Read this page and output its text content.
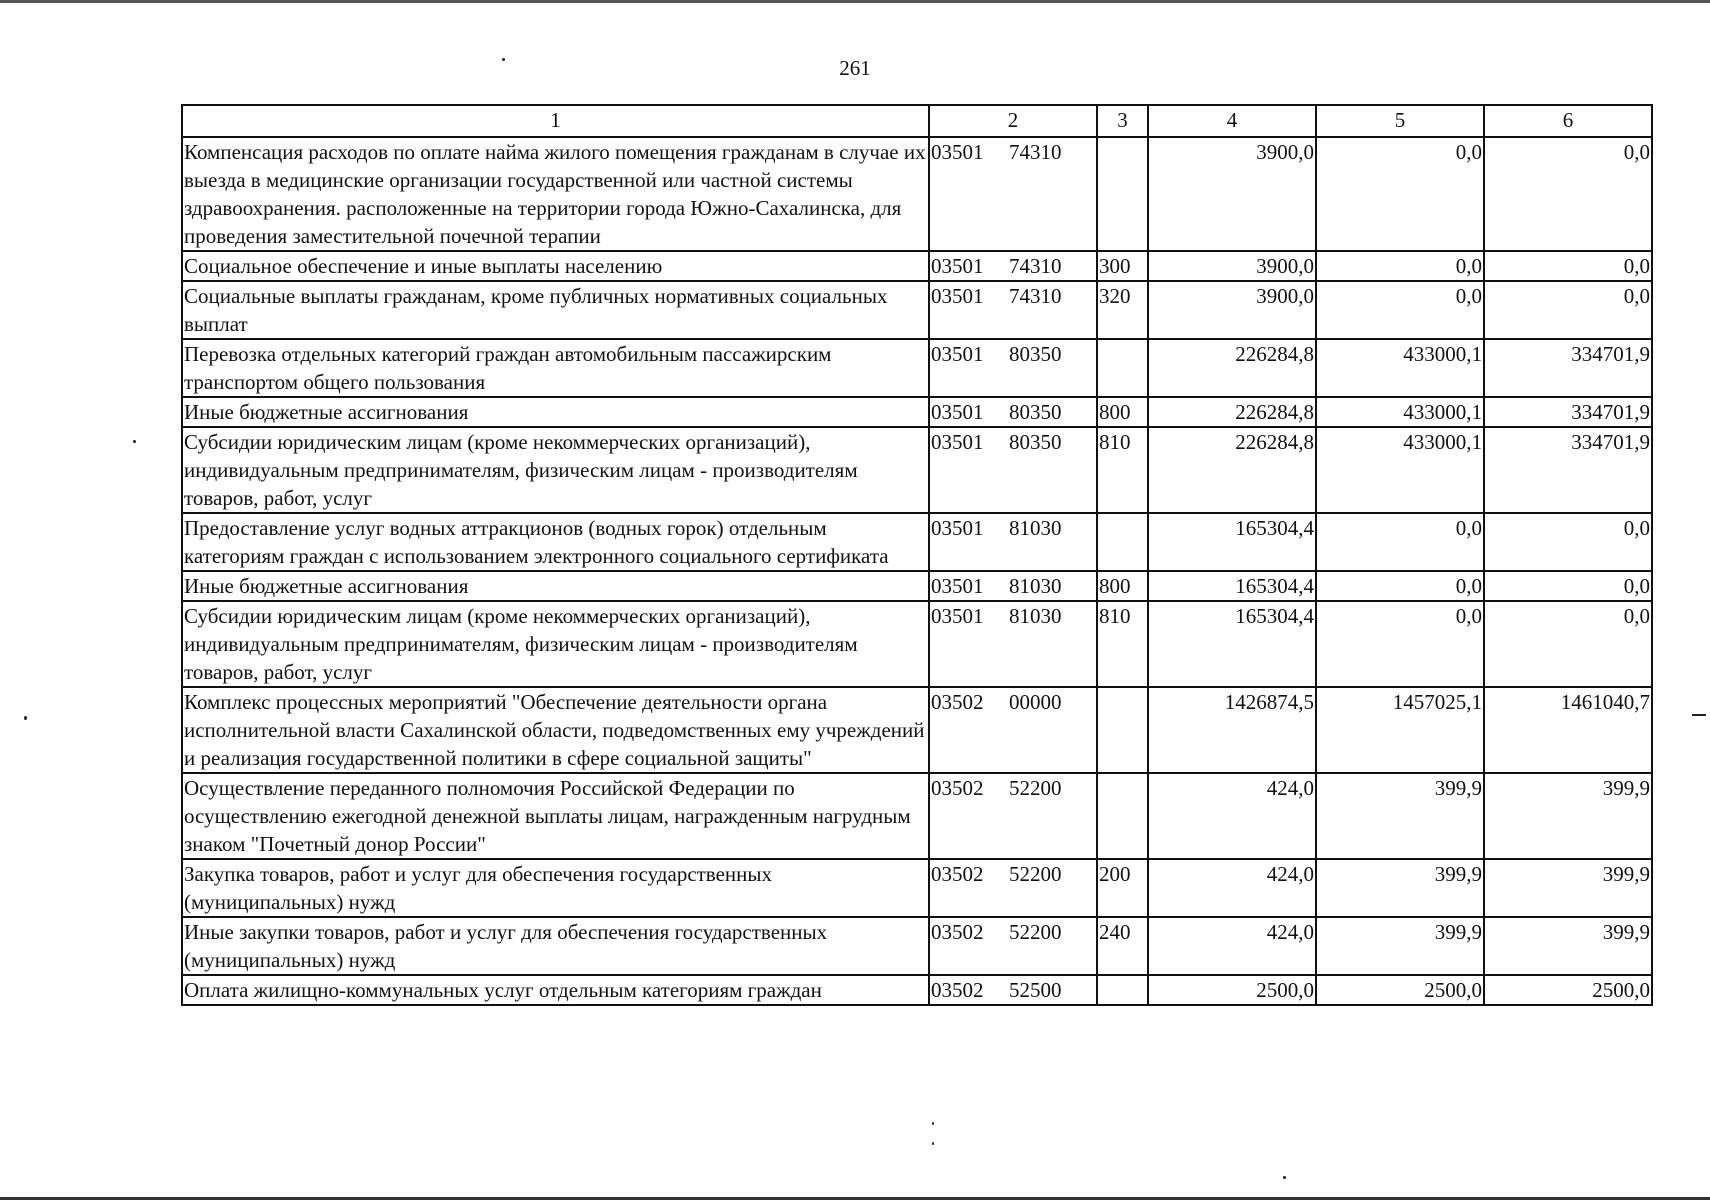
261
1	2	3	4	5	6
Компенсация расходов по оплате найма жилого помещения гражданам в случае их выезда в медицинские организации государственной или частной системы здравоохранения. расположенные на территории города Южно-Сахалинска, для проведения заместительной почечной терапии	03501 74310		3900,0	0,0	0,0
Социальное обеспечение и иные выплаты населению	03501 74310	300	3900,0	0,0	0,0
Социальные выплаты гражданам, кроме публичных нормативных социальных выплат	03501 74310	320	3900,0	0,0	0,0
Перевозка отдельных категорий граждан автомобильным пассажирским транспортом общего пользования	03501 80350		226284,8	433000,1	334701,9
Иные бюджетные ассигнования	03501 80350	800	226284,8	433000,1	334701,9
Субсидии юридическим лицам (кроме некоммерческих организаций), индивидуальным предпринимателям, физическим лицам - производителям товаров, работ, услуг	03501 80350	810	226284,8	433000,1	334701,9
Предоставление услуг водных аттракционов (водных горок) отдельным категориям граждан с использованием электронного социального сертификата	03501 81030		165304,4	0,0	0,0
Иные бюджетные ассигнования	03501 81030	800	165304,4	0,0	0,0
Субсидии юридическим лицам (кроме некоммерческих организаций), индивидуальным предпринимателям, физическим лицам - производителям товаров, работ, услуг	03501 81030	810	165304,4	0,0	0,0
Комплекс процессных мероприятий "Обеспечение деятельности органа исполнительной власти Сахалинской области, подведомственных ему учреждений и реализация государственной политики в сфере социальной защиты"	03502 00000		1426874,5	1457025,1	1461040,7
Осуществление переданного полномочия Российской Федерации по осуществлению ежегодной денежной выплаты лицам, награжденным нагрудным знаком "Почетный донор России"	03502 52200		424,0	399,9	399,9
Закупка товаров, работ и услуг для обеспечения государственных (муниципальных) нужд	03502 52200	200	424,0	399,9	399,9
Иные закупки товаров, работ и услуг для обеспечения государственных (муниципальных) нужд	03502 52200	240	424,0	399,9	399,9
Оплата жилищно-коммунальных услуг отдельным категориям граждан	03502 52500		2500,0	2500,0	2500,0
